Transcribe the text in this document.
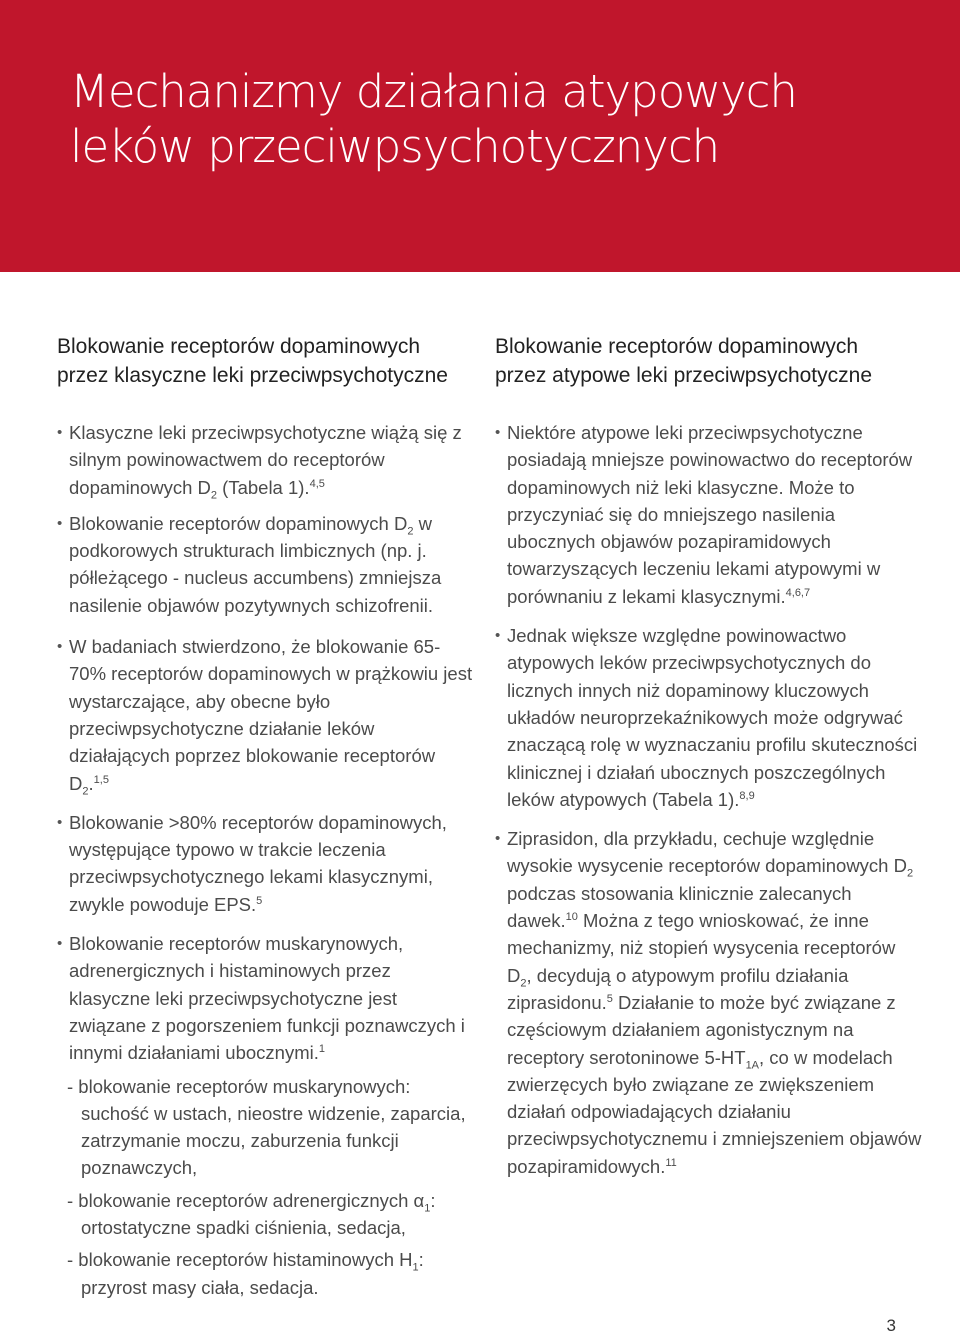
Mechanizmy działania atypowych
leków przeciwpsychotycznych

Blokowanie receptorów dopaminowych
przez klasyczne leki przeciwpsychotyczne

• Klasyczne leki przeciwpsychotyczne wiążą się z silnym powinowactwem do receptorów dopaminowych $D_2$ (Tabela 1).$^{4,5}$
• Blokowanie receptorów dopaminowych $D_2$ w podkorowych strukturach limbicznych (np. j. półleżącego - nucleus accumbens) zmniejsza nasilenie objawów pozytywnych schizofrenii.
• W badaniach stwierdzono, że blokowanie 65-70% receptorów dopaminowych w prążkowiu jest wystarczające, aby obecne było przeciwpsychotyczne działanie leków działających poprzez blokowanie receptorów $D_2.^{1,5}$
• Blokowanie >80% receptorów dopaminowych, występujące typowo w trakcie leczenia przeciwpsychotycznego lekami klasycznymi, zwykle powoduje EPS.$^5$
• Blokowanie receptorów muskarynowych, adrenergicznych i histaminowych przez klasyczne leki przeciwpsychotyczne jest związane z pogorszeniem funkcji poznawczych i innymi działaniami ubocznymi.$^1$
- blokowanie receptorów muskarynowych: suchość w ustach, nieostre widzenie, zaparcia, zatrzymanie moczu, zaburzenia funkcji poznawczych,
- blokowanie receptorów adrenergicznych $\alpha_1$: ortostatyczne spadki ciśnienia, sedacja,
- blokowanie receptorów histaminowych $H_1$: przyrost masy ciała, sedacja.

Blokowanie receptorów dopaminowych
przez atypowe leki przeciwpsychotyczne

• Niektóre atypowe leki przeciwpsychotyczne posiadają mniejsze powinowactwo do receptorów dopaminowych niż leki klasyczne. Może to przyczyniać się do mniejszego nasilenia ubocznych objawów pozapiramidowych towarzyszących leczeniu lekami atypowymi w porównaniu z lekami klasycznymi.$^{4,6,7}$
• Jednak większe względne powinowactwo atypowych leków przeciwpsychotycznych do licznych innych niż dopaminowy kluczowych układów neuroprzekaźnikowych może odgrywać znaczącą rolę w wyznaczaniu profilu skuteczności klinicznej i działań ubocznych poszczególnych leków atypowych (Tabela 1).$^{8,9}$
• Ziprasidon, dla przykładu, cechuje względnie wysokie wysycenie receptorów dopaminowych $D_2$ podczas stosowania klinicznie zalecanych dawek.$^{10}$ Można z tego wnioskować, że inne mechanizmy, niż stopień wysycenia receptorów $D_2$, decydują o atypowym profilu działania ziprasidonu.$^5$ Działanie to może być związane z częściowym działaniem agonistycznym na receptory serotoninowe $5-HT_{1A}$, co w modelach zwierzęcych było związane ze zwiększeniem działań odpowiadających działaniu przeciwpsychotycznemu i zmniejszeniem objawów pozapiramidowych.$^{11}$
3
